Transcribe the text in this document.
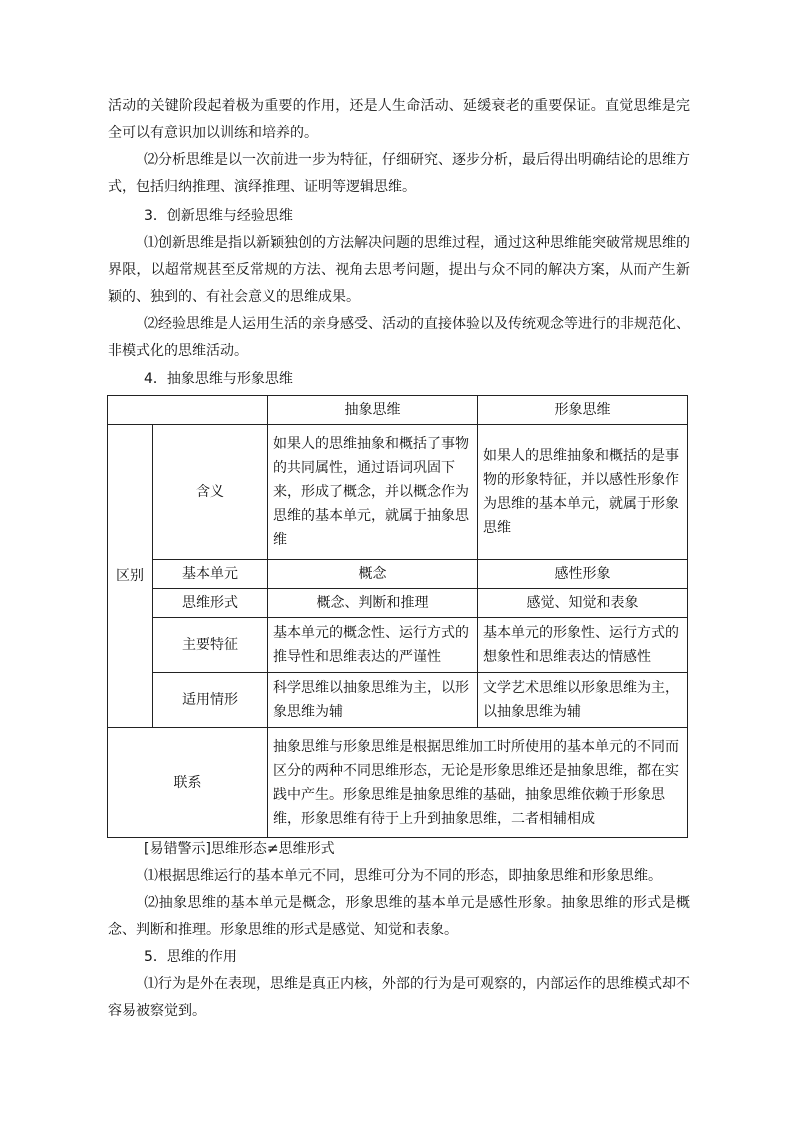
活动的关键阶段起着极为重要的作用，还是人生命活动、延缓衰老的重要保证。直觉思维是完全可以有意识加以训练和培养的。

⑵分析思维是以一次前进一步为特征，仔细研究、逐步分析，最后得出明确结论的思维方式，包括归纳推理、演绎推理、证明等逻辑思维。

3．创新思维与经验思维

⑴创新思维是指以新颖独创的方法解决问题的思维过程，通过这种思维能突破常规思维的界限，以超常规甚至反常规的方法、视角去思考问题，提出与众不同的解决方案，从而产生新颖的、独到的、有社会意义的思维成果。

⑵经验思维是人运用生活的亲身感受、活动的直接体验以及传统观念等进行的非规范化、非模式化的思维活动。

4．抽象思维与形象思维

		抽象思维	形象思维
区别	含义	如果人的思维抽象和概括了事物的共同属性，通过语词巩固下来，形成了概念，并以概念作为思维的基本单元，就属于抽象思维	如果人的思维抽象和概括的是事物的形象特征，并以感性形象作为思维的基本单元，就属于形象思维
	基本单元	概念	感性形象
	思维形式	概念、判断和推理	感觉、知觉和表象
	主要特征	基本单元的概念性、运行方式的推导性和思维表达的严谨性	基本单元的形象性、运行方式的想象性和思维表达的情感性
	适用情形	科学思维以抽象思维为主，以形象思维为辅	文学艺术思维以形象思维为主，以抽象思维为辅
联系		抽象思维与形象思维是根据思维加工时所使用的基本单元的不同而区分的两种不同思维形态，无论是形象思维还是抽象思维，都在实践中产生。形象思维是抽象思维的基础，抽象思维依赖于形象思维，形象思维有待于上升到抽象思维，二者相辅相成	

[易错警示]思维形态≠思维形式

⑴根据思维运行的基本单元不同，思维可分为不同的形态，即抽象思维和形象思维。

⑵抽象思维的基本单元是概念，形象思维的基本单元是感性形象。抽象思维的形式是概念、判断和推理。形象思维的形式是感觉、知觉和表象。

5．思维的作用

⑴行为是外在表现，思维是真正内核，外部的行为是可观察的，内部运作的思维模式却不容易被察觉到。
